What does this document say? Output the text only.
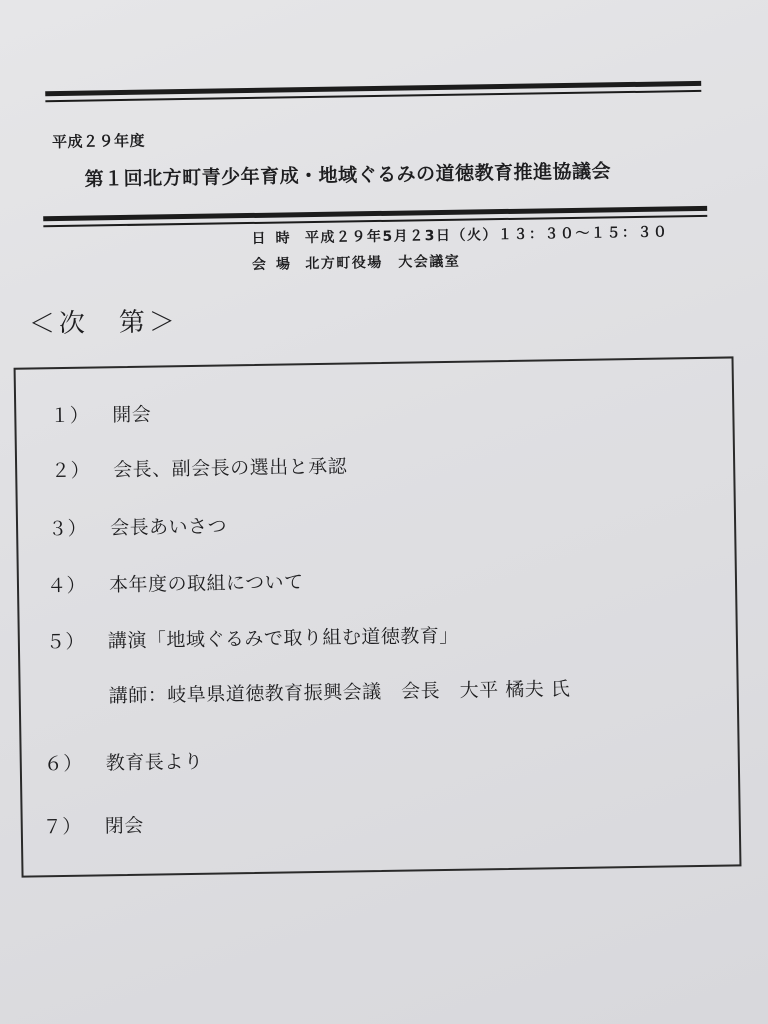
平成２９年度
第１回北方町青少年育成・地域ぐるみの道徳教育推進協議会
日時 平成２９年5月２3日（火）１３：３０〜１５：３０
会場 北方町役場　大会議室
＜次　第＞
１） 開会
２） 会長、副会長の選出と承認
３） 会長あいさつ
４） 本年度の取組について
５） 講演「地域ぐるみで取り組む道徳教育」
講師：岐阜県道徳教育振興会議　会長　大平 橘夫 氏
６） 教育長より
７） 閉会
